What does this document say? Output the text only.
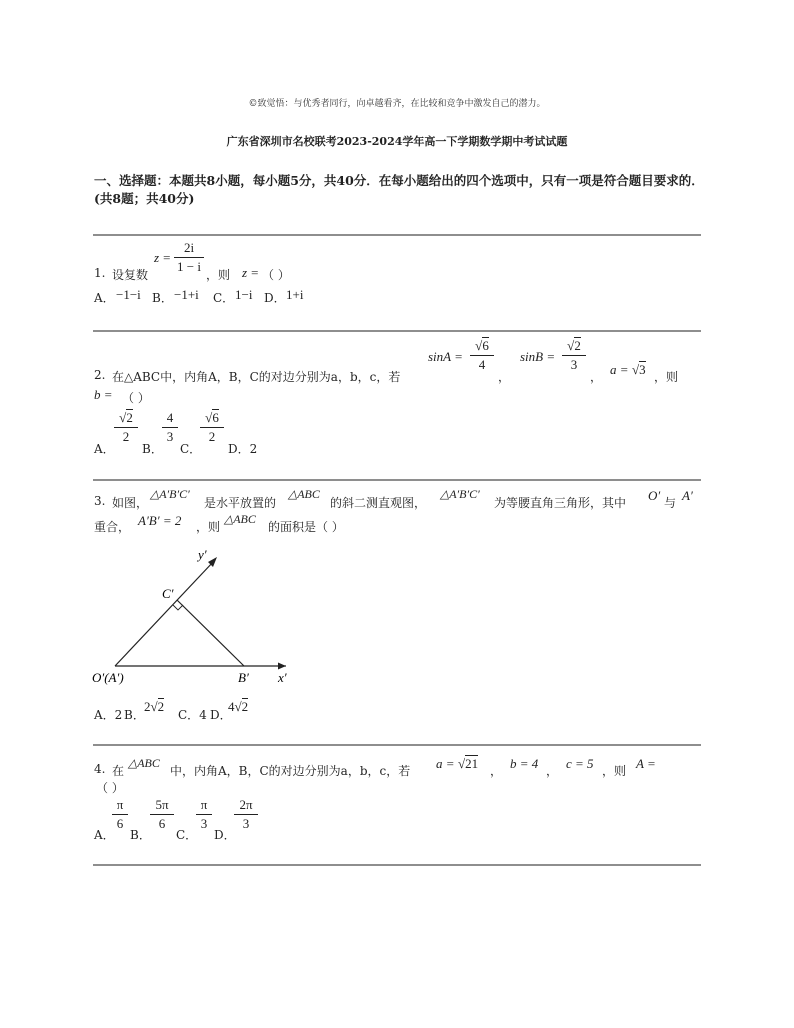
©致觉悟：与优秀者同行，向卓越看齐，在比较和竞争中激发自己的潜力。
广东省深圳市名校联考2023-2024学年高一下学期数学期中考试试题
一、选择题：本题共8小题，每小题5分，共40分．在每小题给出的四个选项中，只有一项是符合题目要求的．(共8题；共40分)
z =
2i
1 − i
1. 设复数	，则 z = （ ）
A． −1−i B． −1+i C． 1−i D． 1+i
sinA =
√6
4
，
sinB =
√2
3
， a = √3 ，则
2. 在△ABC中，内角A，B，C的对边分别为a，b，c，若
b = （ ）
A．
√2
2
B．
4
3
C．
√6
2
D．2
3. 如图，
△A′B′C′
是水平放置的
△ABC
的斜二测直观图，
△A′B′C′
为等腰直角三角形，其中 O′ 与 A′
重合， A′B′ = 2 ，则
△ABC
的面积是（ ）
y′
C′
O′(A′)	B′ x′
A．2 B．
2√2
C．4 D．
4√2
4. 在
△ABC
中，内角A，B，C的对边分别为a，b，c，若 a = √21 ， b = 4 ， c = 5 ，则 A =
（ ）
A．
π
6
B．
5π
6
C．
π
3
D．
2π
3
